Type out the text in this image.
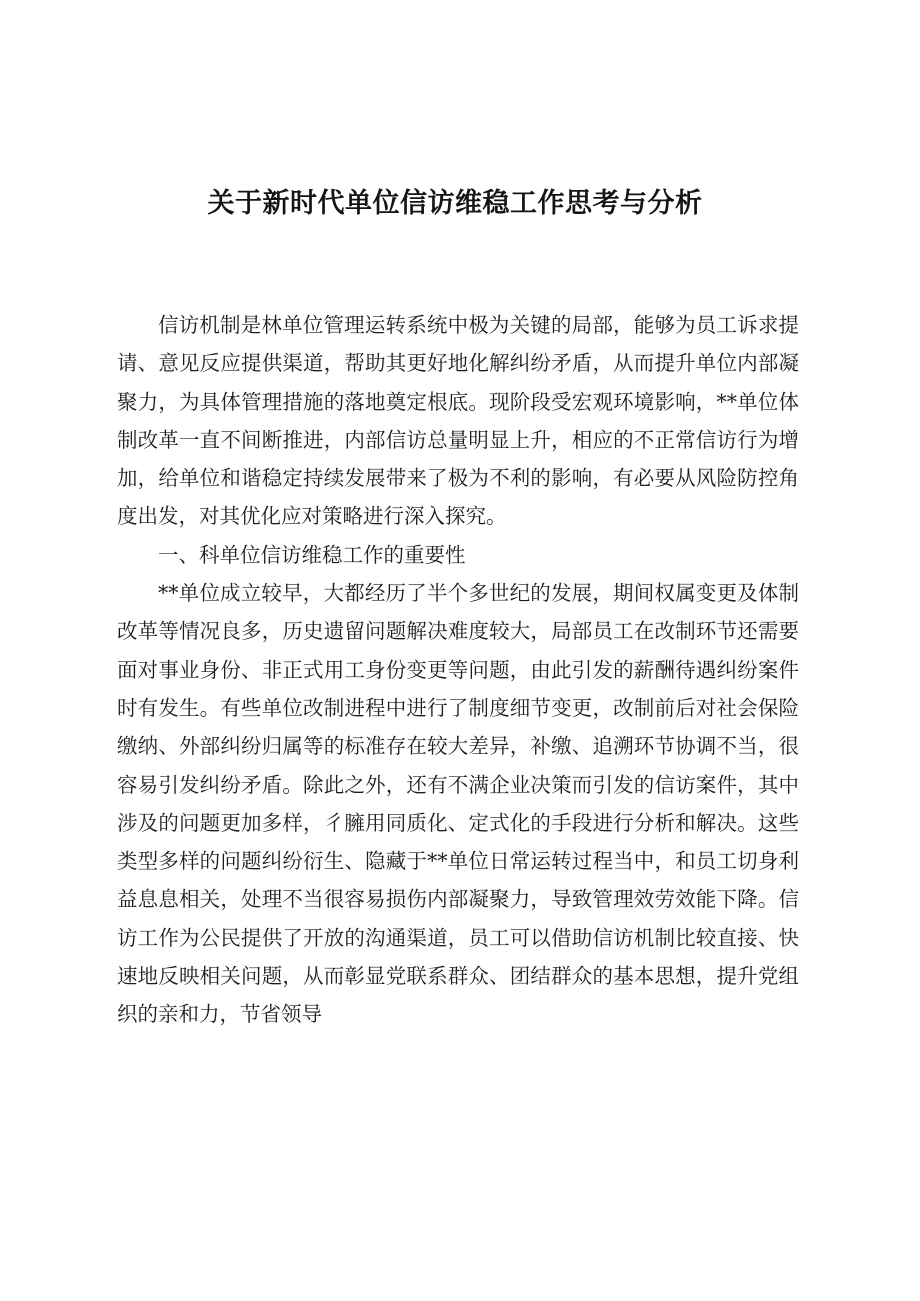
关于新时代单位信访维稳工作思考与分析

信访机制是林单位管理运转系统中极为关键的局部，能够为员工诉求提请、意见反应提供渠道，帮助其更好地化解纠纷矛盾，从而提升单位内部凝聚力，为具体管理措施的落地奠定根底。现阶段受宏观环境影响，**单位体制改革一直不间断推进，内部信访总量明显上升，相应的不正常信访行为增加，给单位和谐稳定持续发展带来了极为不利的影响，有必要从风险防控角度出发，对其优化应对策略进行深入探究。

一、科单位信访维稳工作的重要性

**单位成立较早，大都经历了半个多世纪的发展，期间权属变更及体制改革等情况良多，历史遗留问题解决难度较大，局部员工在改制环节还需要面对事业身份、非正式用工身份变更等问题，由此引发的薪酬待遇纠纷案件时有发生。有些单位改制进程中进行了制度细节变更，改制前后对社会保险缴纳、外部纠纷归属等的标准存在较大差异，补缴、追溯环节协调不当，很容易引发纠纷矛盾。除此之外，还有不满企业决策而引发的信访案件，其中涉及的问题更加多样，彳臃用同质化、定式化的手段进行分析和解决。这些类型多样的问题纠纷衍生、隐藏于**单位日常运转过程当中，和员工切身利益息息相关，处理不当很容易损伤内部凝聚力，导致管理效劳效能下降。信访工作为公民提供了开放的沟通渠道，员工可以借助信访机制比较直接、快速地反映相关问题，从而彰显党联系群众、团结群众的基本思想，提升党组织的亲和力，节省领导
